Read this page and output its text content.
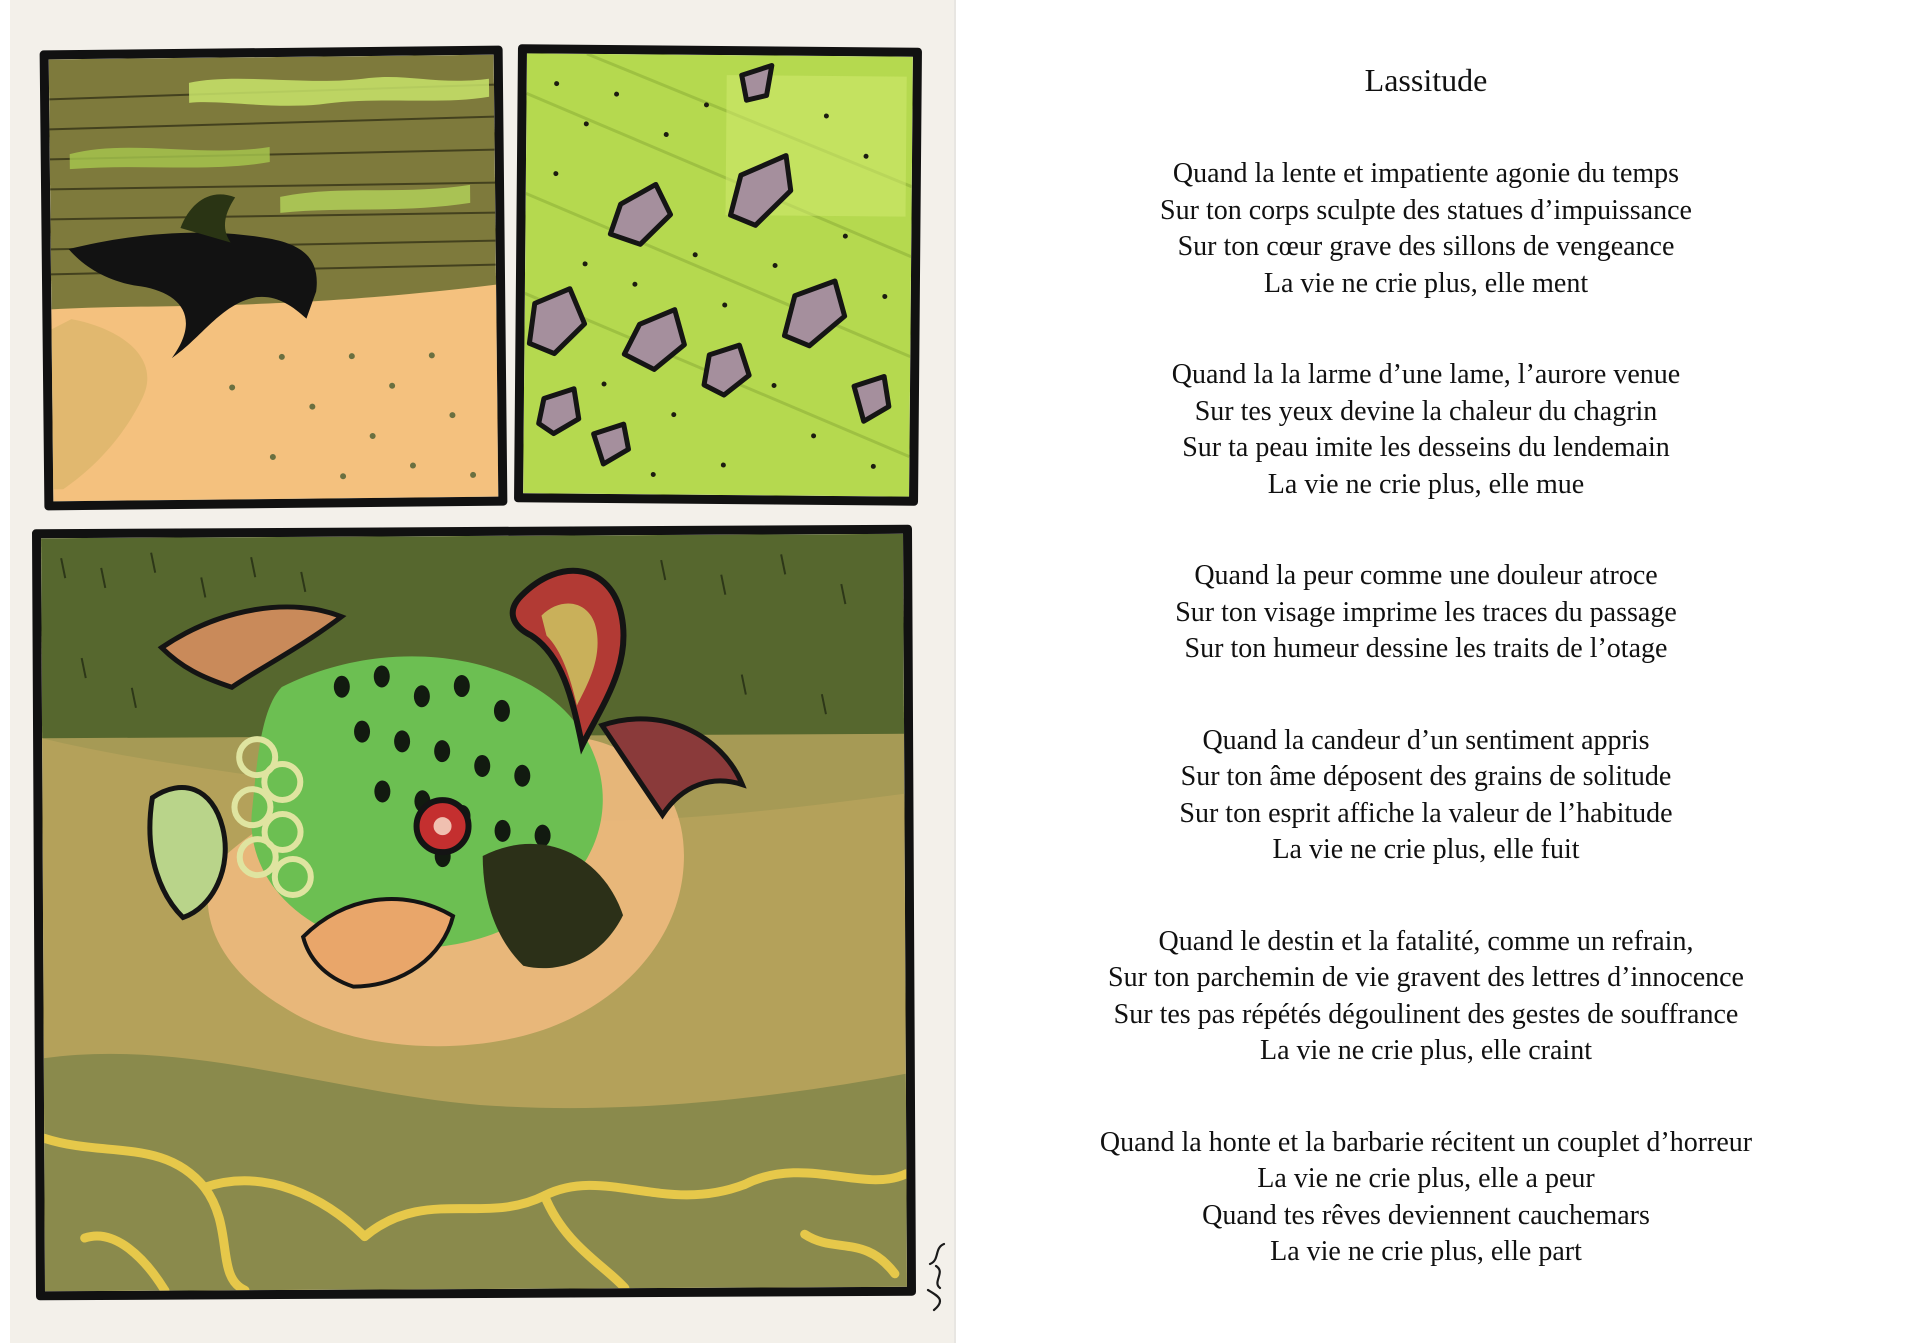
Lassitude
Quand la lente et impatiente agonie du temps
Sur ton corps sculpte des statues d’impuissance
Sur ton cœur grave des sillons de vengeance
La vie ne crie plus, elle ment
Quand la la larme d’une lame, l’aurore venue
Sur tes yeux devine la chaleur du chagrin
Sur ta peau imite les desseins du lendemain
La vie ne crie plus, elle mue
Quand la peur comme une douleur atroce
Sur ton visage imprime les traces du passage
Sur ton humeur dessine les traits de l’otage
Quand la candeur d’un sentiment appris
Sur ton âme déposent des grains de solitude
Sur ton esprit affiche la valeur de l’habitude
La vie ne crie plus, elle fuit
Quand le destin et la fatalité, comme un refrain,
Sur ton parchemin de vie gravent des lettres d’innocence
Sur tes pas répétés dégoulinent des gestes de souffrance
La vie ne crie plus, elle craint
Quand la honte et la barbarie récitent un couplet d’horreur
La vie ne crie plus, elle a peur
Quand tes rêves deviennent cauchemars
La vie ne crie plus, elle part
